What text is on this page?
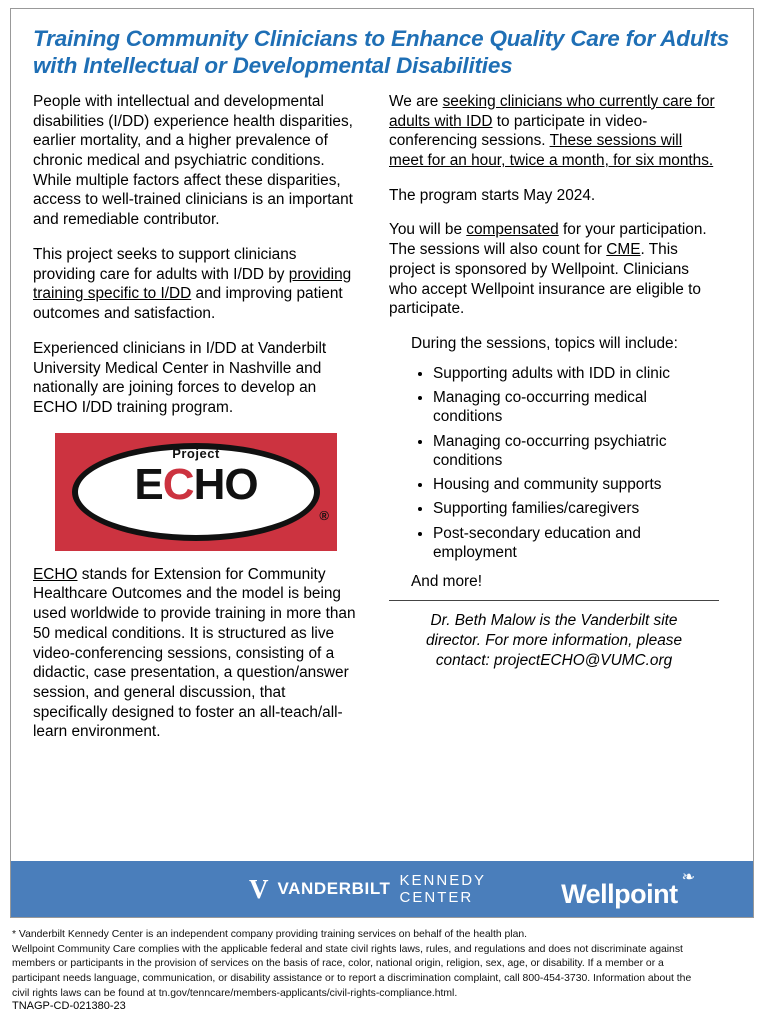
Training Community Clinicians to Enhance Quality Care for Adults with Intellectual or Developmental Disabilities

People with intellectual and developmental disabilities (I/DD) experience health disparities, earlier mortality, and a higher prevalence of chronic medical and psychiatric conditions. While multiple factors affect these disparities, access to well-trained clinicians is an important and remediable contributor.

This project seeks to support clinicians providing care for adults with I/DD by providing training specific to I/DD and improving patient outcomes and satisfaction.

Experienced clinicians in I/DD at Vanderbilt University Medical Center in Nashville and nationally are joining forces to develop an ECHO I/DD training program.

Project
ECHO
®

ECHO stands for Extension for Community Healthcare Outcomes and the model is being used worldwide to provide training in more than 50 medical conditions. It is structured as live video-conferencing sessions, consisting of a didactic, case presentation, a question/answer session, and general discussion, that specifically designed to foster an all-teach/all-learn environment.

We are seeking clinicians who currently care for adults with IDD to participate in video-conferencing sessions. These sessions will meet for an hour, twice a month, for six months.

The program starts May 2024.

You will be compensated for your participation. The sessions will also count for CME. This project is sponsored by Wellpoint. Clinicians who accept Wellpoint insurance are eligible to participate.

During the sessions, topics will include:
• Supporting adults with IDD in clinic
• Managing co-occurring medical conditions
• Managing co-occurring psychiatric conditions
• Housing and community supports
• Supporting families/caregivers
• Post-secondary education and employment
And more!
Dr. Beth Malow is the Vanderbilt site director. For more information, please contact: projectECHO@VUMC.org
V VANDERBILT KENNEDY CENTER	Wellpoint
❧

* Vanderbilt Kennedy Center is an independent company providing training services on behalf of the health plan.

Wellpoint Community Care complies with the applicable federal and state civil rights laws, rules, and regulations and does not discriminate against

members or participants in the provision of services on the basis of race, color, national origin, religion, sex, age, or disability. If a member or a

participant needs language, communication, or disability assistance or to report a discrimination complaint, call 800-454-3730. Information about the

civil rights laws can be found at tn.gov/tenncare/members-applicants/civil-rights-compliance.html.

TNAGP-CD-021380-23
